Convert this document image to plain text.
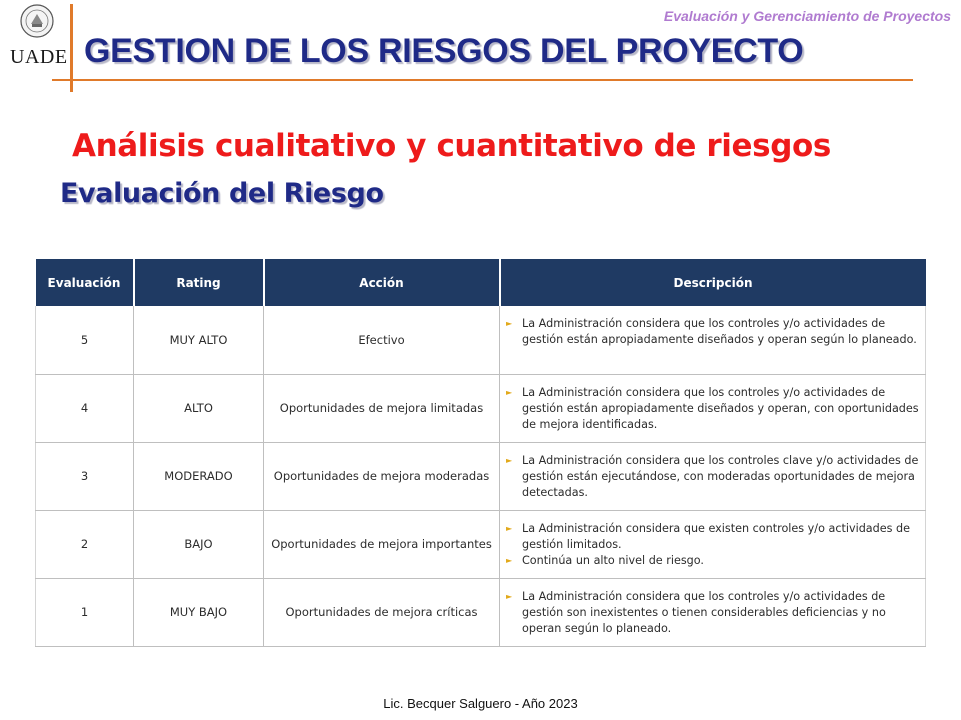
Evaluación y Gerenciamiento de Proyectos
UADE GESTION DE LOS RIESGOS DEL PROYECTO
Análisis cualitativo y cuantitativo de riesgos
Evaluación del Riesgo
Evaluación	Rating	Acción	Descripción
5	MUY ALTO	Efectivo	► La Administración considera que los controles y/o actividades de gestión están apropiadamente diseñados y operan según lo planeado.

4	ALTO	Oportunidades de mejora limitadas	► La Administración considera que los controles y/o actividades de gestión están apropiadamente diseñados y operan, con oportunidades de mejora identificadas.

3	MODERADO	Oportunidades de mejora moderadas	► La Administración considera que los controles clave y/o actividades de gestión están ejecutándose, con moderadas oportunidades de mejora detectadas.

2	BAJO	Oportunidades de mejora importantes	► La Administración considera que existen controles y/o actividades de gestión limitados.
► Continúa un alto nivel de riesgo.

1	MUY BAJO	Oportunidades de mejora críticas	► La Administración considera que los controles y/o actividades de gestión son inexistentes o tienen considerables deficiencias y no operan según lo planeado.
Lic. Becquer Salguero - Año 2023
